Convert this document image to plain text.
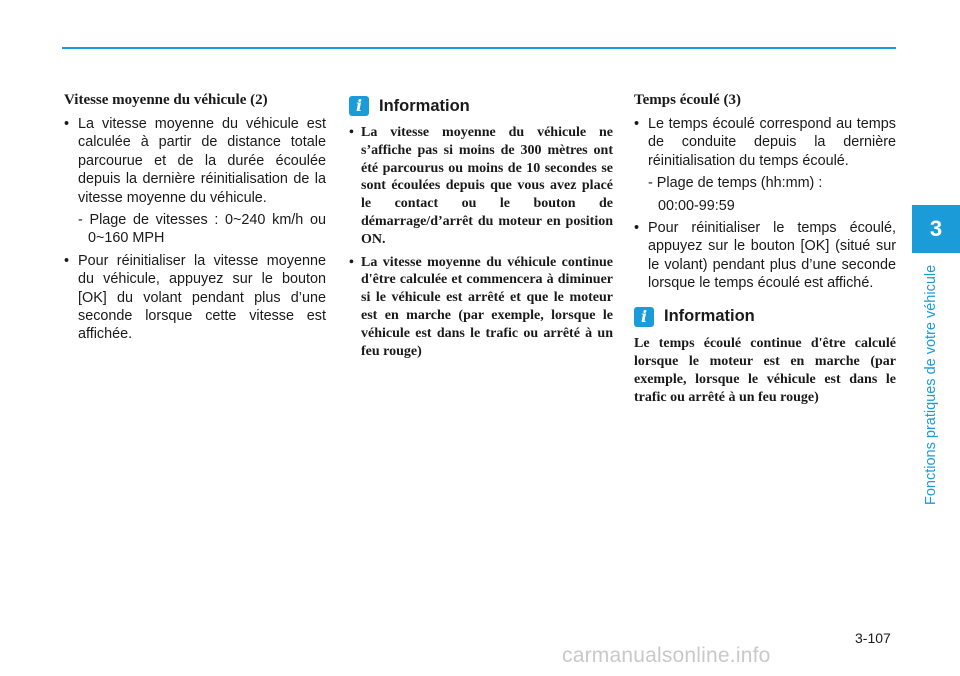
Vitesse moyenne du véhicule (2)
• La vitesse moyenne du véhicule est calculée à partir de distance totale parcourue et de la durée écoulée depuis la dernière réinitialisation de la vitesse moyenne du véhicule.
- Plage de vitesses : 0~240 km/h ou 0~160 MPH
• Pour réinitialiser la vitesse moyenne du véhicule, appuyez sur le bouton [OK] du volant pendant plus d’une seconde lorsque cette vitesse est affichée.
i	Information
• La vitesse moyenne du véhicule ne s’affiche pas si moins de 300 mètres ont été parcourus ou moins de 10 secondes se sont écoulées depuis que vous avez placé le contact ou le bouton de démarrage/d’arrêt du moteur en position ON.
• La vitesse moyenne du véhicule continue d'être calculée et commencera à diminuer si le véhicule est arrêté et que le moteur est en marche (par exemple, lorsque le véhicule est dans le trafic ou arrêté à un feu rouge)
Temps écoulé (3)
• Le temps écoulé correspond au temps de conduite depuis la dernière réinitialisation du temps écoulé.
- Plage de temps (hh:mm) :
00:00-99:59
• Pour réinitialiser le temps écoulé, appuyez sur le bouton [OK] (situé sur le volant) pendant plus d’une seconde lorsque le temps écoulé est affiché.
i	Information

Le temps écoulé continue d'être calculé lorsque le moteur est en marche (par exemple, lorsque le véhicule est dans le trafic ou arrêté à un feu rouge)

3
Fonctions pratiques de votre véhicule
3-107
carmanualsonline.info
